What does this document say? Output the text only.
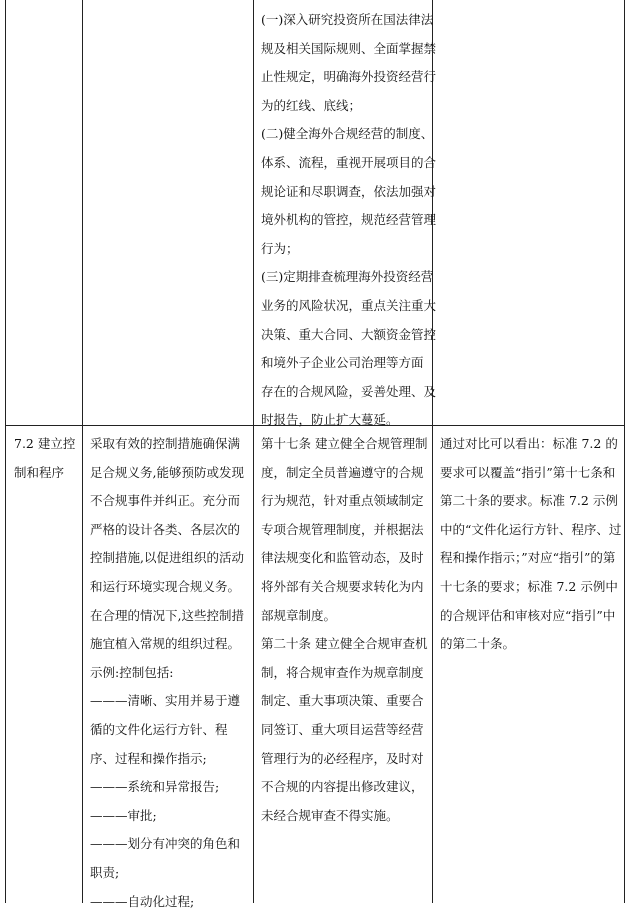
(一)深入研究投资所在国法律法

规及相关国际规则、全面掌握禁

止性规定，明确海外投资经营行

为的红线、底线；

(二)健全海外合规经营的制度、

体系、流程，重视开展项目的合

规论证和尽职调查，依法加强对

境外机构的管控，规范经营管理

行为；

(三)定期排查梳理海外投资经营

业务的风险状况，重点关注重大

决策、重大合同、大额资金管控

和境外子企业公司治理等方面

存在的合规风险，妥善处理、及

时报告，防止扩大蔓延。

7.2 建立控

制和程序

采取有效的控制措施确保满

足合规义务,能够预防或发现

不合规事件并纠正。充分而

严格的设计各类、各层次的

控制措施,以促进组织的活动

和运行环境实现合规义务。

在合理的情况下,这些控制措

施宜植入常规的组织过程。

示例:控制包括:

———清晰、实用并易于遵

循的文件化运行方针、程

序、过程和操作指示;

———系统和异常报告;

———审批;

———划分有冲突的角色和

职责;

———自动化过程;

第十七条 建立健全合规管理制

度，制定全员普遍遵守的合规

行为规范，针对重点领域制定

专项合规管理制度，并根据法

律法规变化和监管动态，及时

将外部有关合规要求转化为内

部规章制度。

第二十条 建立健全合规审查机

制，将合规审查作为规章制度

制定、重大事项决策、重要合

同签订、重大项目运营等经营

管理行为的必经程序，及时对

不合规的内容提出修改建议，

未经合规审查不得实施。

通过对比可以看出：标准 7.2 的

要求可以覆盖“指引”第十七条和

第二十条的要求。标准 7.2 示例

中的“文件化运行方针、程序、过

程和操作指示；”对应“指引”的第

十七条的要求；标准 7.2 示例中

的合规评估和审核对应“指引”中

的第二十条。
